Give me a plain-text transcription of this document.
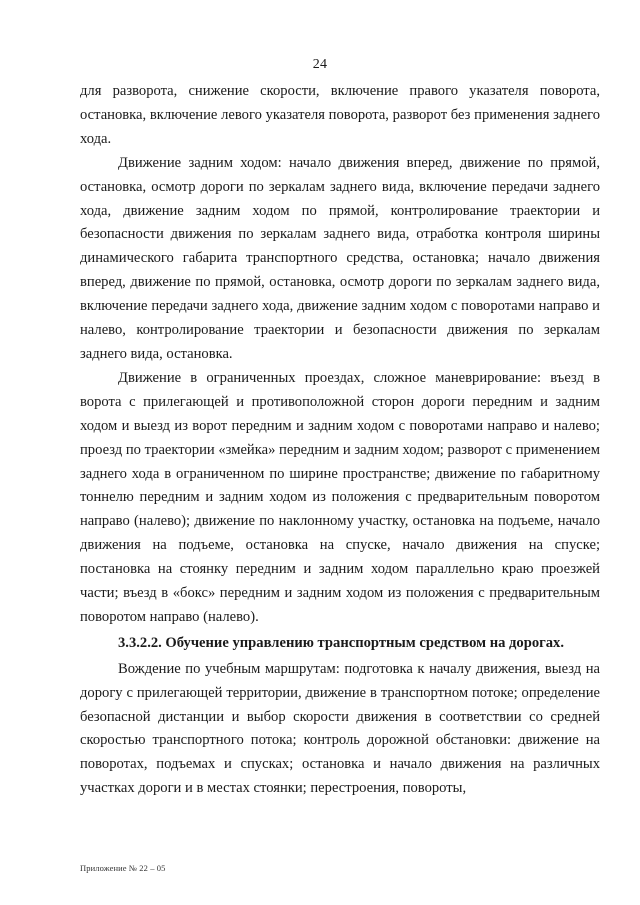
24

для разворота, снижение скорости, включение правого указателя поворота, остановка, включение левого указателя поворота, разворот без применения заднего хода.

Движение задним ходом: начало движения вперед, движение по прямой, остановка, осмотр дороги по зеркалам заднего вида, включение передачи заднего хода, движение задним ходом по прямой, контролирование траектории и безопасности движения по зеркалам заднего вида, отработка контроля ширины динамического габарита транспортного средства, остановка; начало движения вперед, движение по прямой, остановка, осмотр дороги по зеркалам заднего вида, включение передачи заднего хода, движение задним ходом с поворотами направо и налево, контролирование траектории и безопасности движения по зеркалам заднего вида, остановка.

Движение в ограниченных проездах, сложное маневрирование: въезд в ворота с прилегающей и противоположной сторон дороги передним и задним ходом и выезд из ворот передним и задним ходом с поворотами направо и налево; проезд по траектории «змейка» передним и задним ходом; разворот с применением заднего хода в ограниченном по ширине пространстве; движение по габаритному тоннелю передним и задним ходом из положения с предварительным поворотом направо (налево); движение по наклонному участку, остановка на подъеме, начало движения на подъеме, остановка на спуске, начало движения на спуске; постановка на стоянку передним и задним ходом параллельно краю проезжей части; въезд в «бокс» передним и задним ходом из положения с предварительным поворотом направо (налево).

3.3.2.2. Обучение управлению транспортным средством на дорогах.

Вождение по учебным маршрутам: подготовка к началу движения, выезд на дорогу с прилегающей территории, движение в транспортном потоке; определение безопасной дистанции и выбор скорости движения в соответствии со средней скоростью транспортного потока; контроль дорожной обстановки: движение на поворотах, подъемах и спусках; остановка и начало движения на различных участках дороги и в местах стоянки; перестроения, повороты,

Приложение № 22 – 05
